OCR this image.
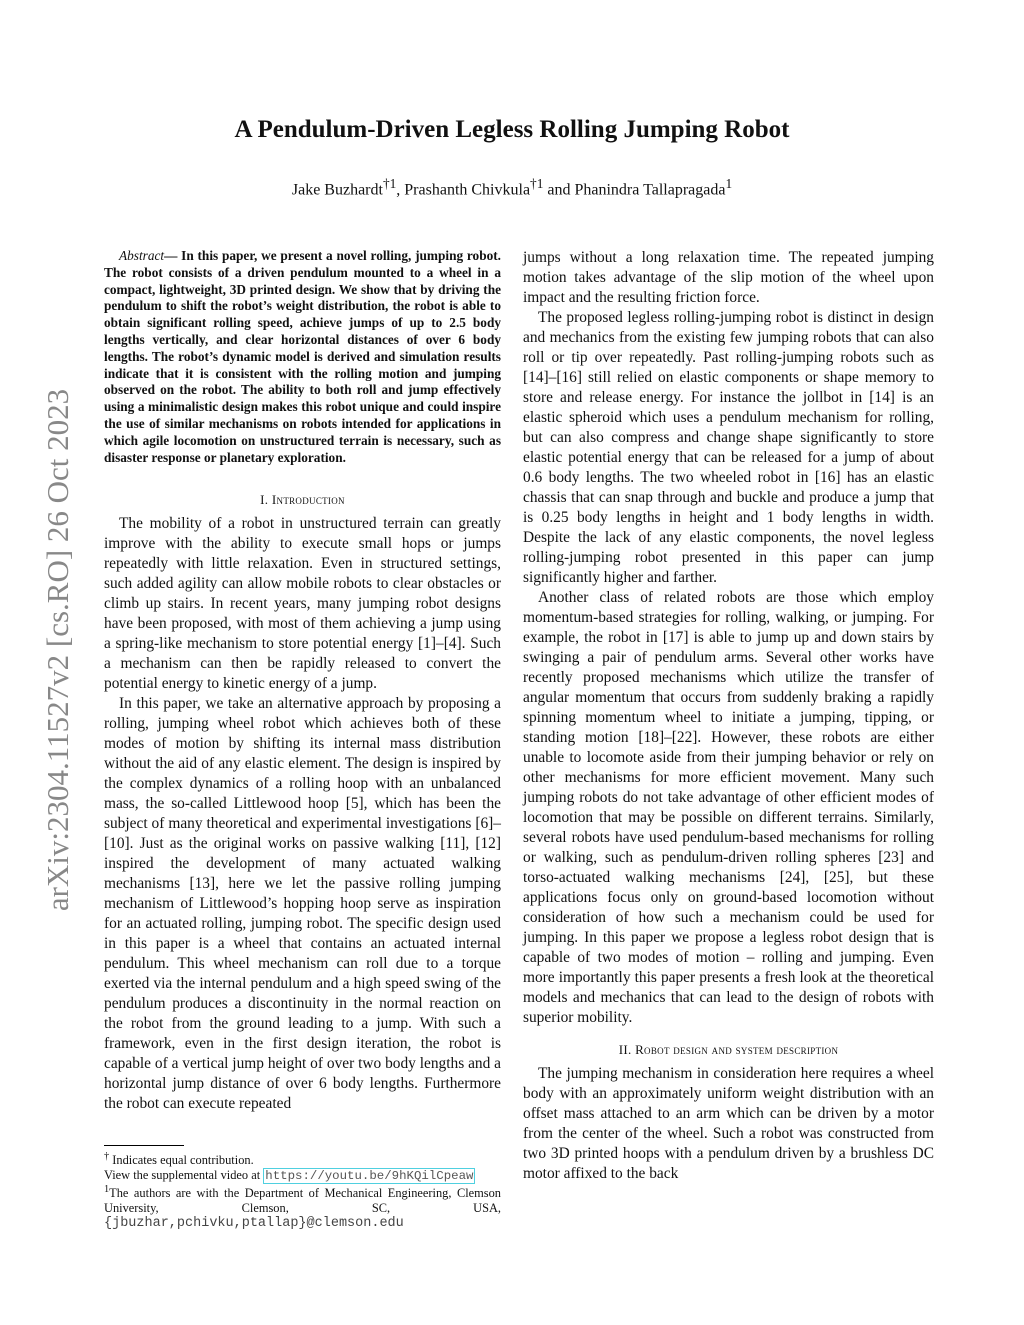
arXiv:2304.11527v2 [cs.RO] 26 Oct 2023
A Pendulum-Driven Legless Rolling Jumping Robot
Jake Buzhardt$^{\dagger 1}$, Prashanth Chivkula$^{\dagger 1}$ and Phanindra Tallapragada$^1$

Abstract— In this paper, we present a novel rolling, jumping robot. The robot consists of a driven pendulum mounted to a wheel in a compact, lightweight, 3D printed design. We show that by driving the pendulum to shift the robot’s weight distribution, the robot is able to obtain significant rolling speed, achieve jumps of up to 2.5 body lengths vertically, and clear horizontal distances of over 6 body lengths. The robot’s dynamic model is derived and simulation results indicate that it is consistent with the rolling motion and jumping observed on the robot. The ability to both roll and jump effectively using a minimalistic design makes this robot unique and could inspire the use of similar mechanisms on robots intended for applications in which agile locomotion on unstructured terrain is necessary, such as disaster response or planetary exploration.

I. Introduction

The mobility of a robot in unstructured terrain can greatly improve with the ability to execute small hops or jumps repeatedly with little relaxation. Even in structured settings, such added agility can allow mobile robots to clear obstacles or climb up stairs. In recent years, many jumping robot designs have been proposed, with most of them achieving a jump using a spring-like mechanism to store potential energy [1]–[4]. Such a mechanism can then be rapidly released to convert the potential energy to kinetic energy of a jump.

In this paper, we take an alternative approach by proposing a rolling, jumping wheel robot which achieves both of these modes of motion by shifting its internal mass distribution without the aid of any elastic element. The design is inspired by the complex dynamics of a rolling hoop with an unbalanced mass, the so-called Littlewood hoop [5], which has been the subject of many theoretical and experimental investigations [6]–[10]. Just as the original works on passive walking [11], [12] inspired the development of many actuated walking mechanisms [13], here we let the passive rolling jumping mechanism of Littlewood’s hopping hoop serve as inspiration for an actuated rolling, jumping robot. The specific design used in this paper is a wheel that contains an actuated internal pendulum. This wheel mechanism can roll due to a torque exerted via the internal pendulum and a high speed swing of the pendulum produces a discontinuity in the normal reaction on the robot from the ground leading to a jump. With such a framework, even in the first design iteration, the robot is capable of a vertical jump height of over two body lengths and a horizontal jump distance of over 6 body lengths. Furthermore the robot can execute repeated

† Indicates equal contribution.
View the supplemental video at https://youtu.be/9hKQilCpeaw
$^1$The authors are with the Department of Mechanical Engineering, Clemson University, Clemson, SC, USA, {jbuzhar,pchivku,ptallap}@clemson.edu

jumps without a long relaxation time. The repeated jumping motion takes advantage of the slip motion of the wheel upon impact and the resulting friction force.

The proposed legless rolling-jumping robot is distinct in design and mechanics from the existing few jumping robots that can also roll or tip over repeatedly. Past rolling-jumping robots such as [14]–[16] still relied on elastic components or shape memory to store and release energy. For instance the jollbot in [14] is an elastic spheroid which uses a pendulum mechanism for rolling, but can also compress and change shape significantly to store elastic potential energy that can be released for a jump of about 0.6 body lengths. The two wheeled robot in [16] has an elastic chassis that can snap through and buckle and produce a jump that is 0.25 body lengths in height and 1 body lengths in width. Despite the lack of any elastic components, the novel legless rolling-jumping robot presented in this paper can jump significantly higher and farther.

Another class of related robots are those which employ momentum-based strategies for rolling, walking, or jumping. For example, the robot in [17] is able to jump up and down stairs by swinging a pair of pendulum arms. Several other works have recently proposed mechanisms which utilize the transfer of angular momentum that occurs from suddenly braking a rapidly spinning momentum wheel to initiate a jumping, tipping, or standing motion [18]–[22]. However, these robots are either unable to locomote aside from their jumping behavior or rely on other mechanisms for more efficient movement. Many such jumping robots do not take advantage of other efficient modes of locomotion that may be possible on different terrains. Similarly, several robots have used pendulum-based mechanisms for rolling or walking, such as pendulum-driven rolling spheres [23] and torso-actuated walking mechanisms [24], [25], but these applications focus only on ground-based locomotion without consideration of how such a mechanism could be used for jumping. In this paper we propose a legless robot design that is capable of two modes of motion – rolling and jumping. Even more importantly this paper presents a fresh look at the theoretical models and mechanics that can lead to the design of robots with superior mobility.

II. Robot design and system description

The jumping mechanism in consideration here requires a wheel body with an approximately uniform weight distribution with an offset mass attached to an arm which can be driven by a motor from the center of the wheel. Such a robot was constructed from two 3D printed hoops with a pendulum driven by a brushless DC motor affixed to the back
